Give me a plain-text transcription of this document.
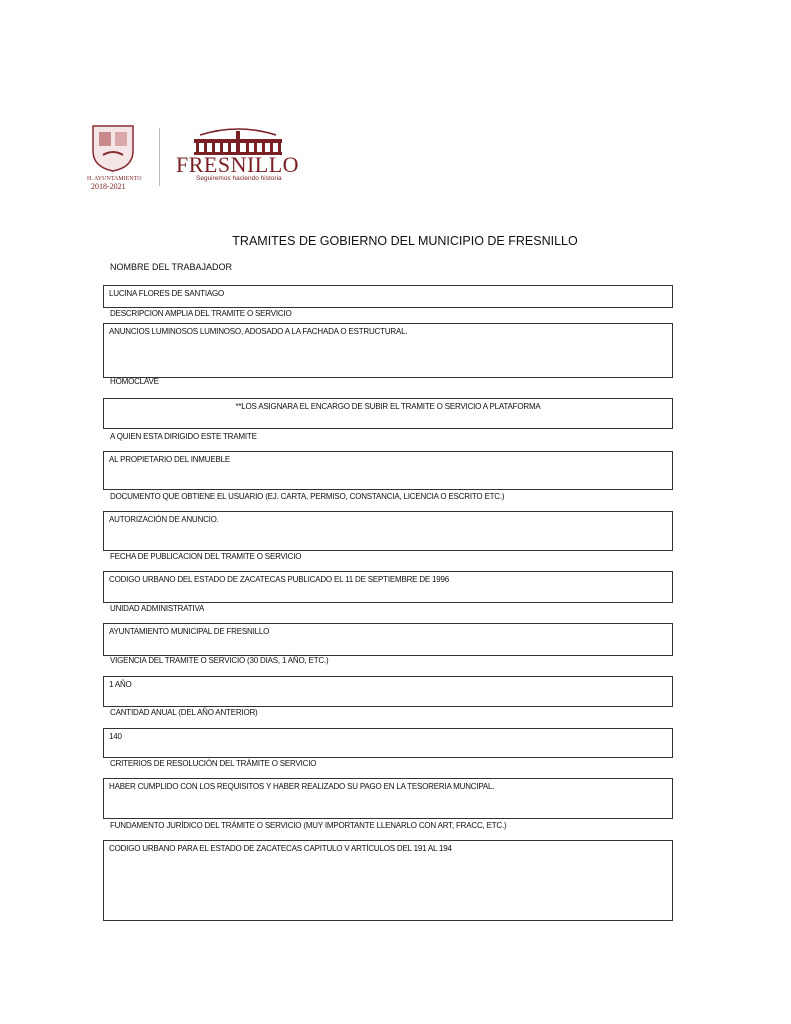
H. AYUNTAMIENTO
2018-2021
FRESNILLO
Seguiremos haciendo historia
TRAMITES DE GOBIERNO DEL MUNICIPIO DE FRESNILLO
NOMBRE DEL TRABAJADOR
LUCINA FLORES DE SANTIAGO
DESCRIPCION AMPLIA DEL TRAMITE O SERVICIO
ANUNCIOS LUMINOSOS LUMINOSO, ADOSADO A LA FACHADA O ESTRUCTURAL.
HOMOCLAVE
**LOS ASIGNARA EL ENCARGO DE SUBIR EL TRAMITE O SERVICIO A PLATAFORMA
A QUIEN ESTA DIRIGIDO ESTE TRAMITE
AL PROPIETARIO DEL INMUEBLE
DOCUMENTO QUE OBTIENE EL USUARIO (EJ. CARTA, PERMISO, CONSTANCIA, LICENCIA O ESCRITO ETC.)
AUTORIZACIÓN DE ANUNCIO.
FECHA DE PUBLICACION DEL TRAMITE O SERVICIO
CODIGO URBANO DEL ESTADO DE ZACATECAS PUBLICADO EL 11 DE SEPTIEMBRE DE 1996
UNIDAD ADMINISTRATIVA
AYUNTAMIENTO MUNICIPAL DE FRESNILLO
VIGENCIA DEL TRAMITE O SERVICIO (30 DIAS, 1 AÑO, ETC.)
1 AÑO
CANTIDAD ANUAL (DEL AÑO ANTERIOR)
140
CRITERIOS DE RESOLUCIÓN DEL TRÁMITE O SERVICIO
HABER CUMPLIDO CON LOS REQUISITOS Y HABER REALIZADO SU PAGO EN LA TESORERIA MUNCIPAL.
FUNDAMENTO JURÍDICO DEL TRÁMITE O SERVICIO (MUY IMPORTANTE LLENARLO CON ART, FRACC, ETC.)
CODIGO URBANO PARA EL ESTADO DE ZACATECAS CAPITULO V ARTÍCULOS DEL 191 AL 194
